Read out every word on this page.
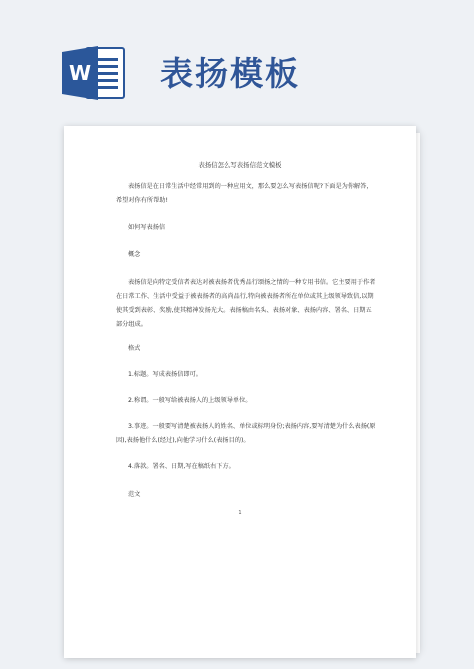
W 表扬模板
表扬信怎么写表扬信范文模板
表扬信是在日常生活中经常用到的一种应用文，那么要怎么写表扬信呢?下面是为你解答，希望对你有所帮助!
如何写表扬信
概念
表扬信是向特定受信者表达对被表扬者优秀品行颂扬之情的一种专用书信。它主要用于作者在日常工作、生活中受益于被表扬者的高尚品行,特向被表扬者所在单位或其上级领导致信,以期使其受到表彰、奖励,使其精神发扬光大。表扬稿由名头、表扬对象、表扬内容、署名、日期五部分组成。
格式
1.标题。写成表扬信即可。
2.称谓。一般写给被表扬人的上级领导单位。
3.事迹。一般要写清楚被表扬人的姓名、单位或标明身份;表扬内容,要写清楚为什么表扬(原因),表扬他什么(经过),向他学习什么(表扬目的)。
4.落款。署名、日期,写在稿纸右下方。
范文
1
